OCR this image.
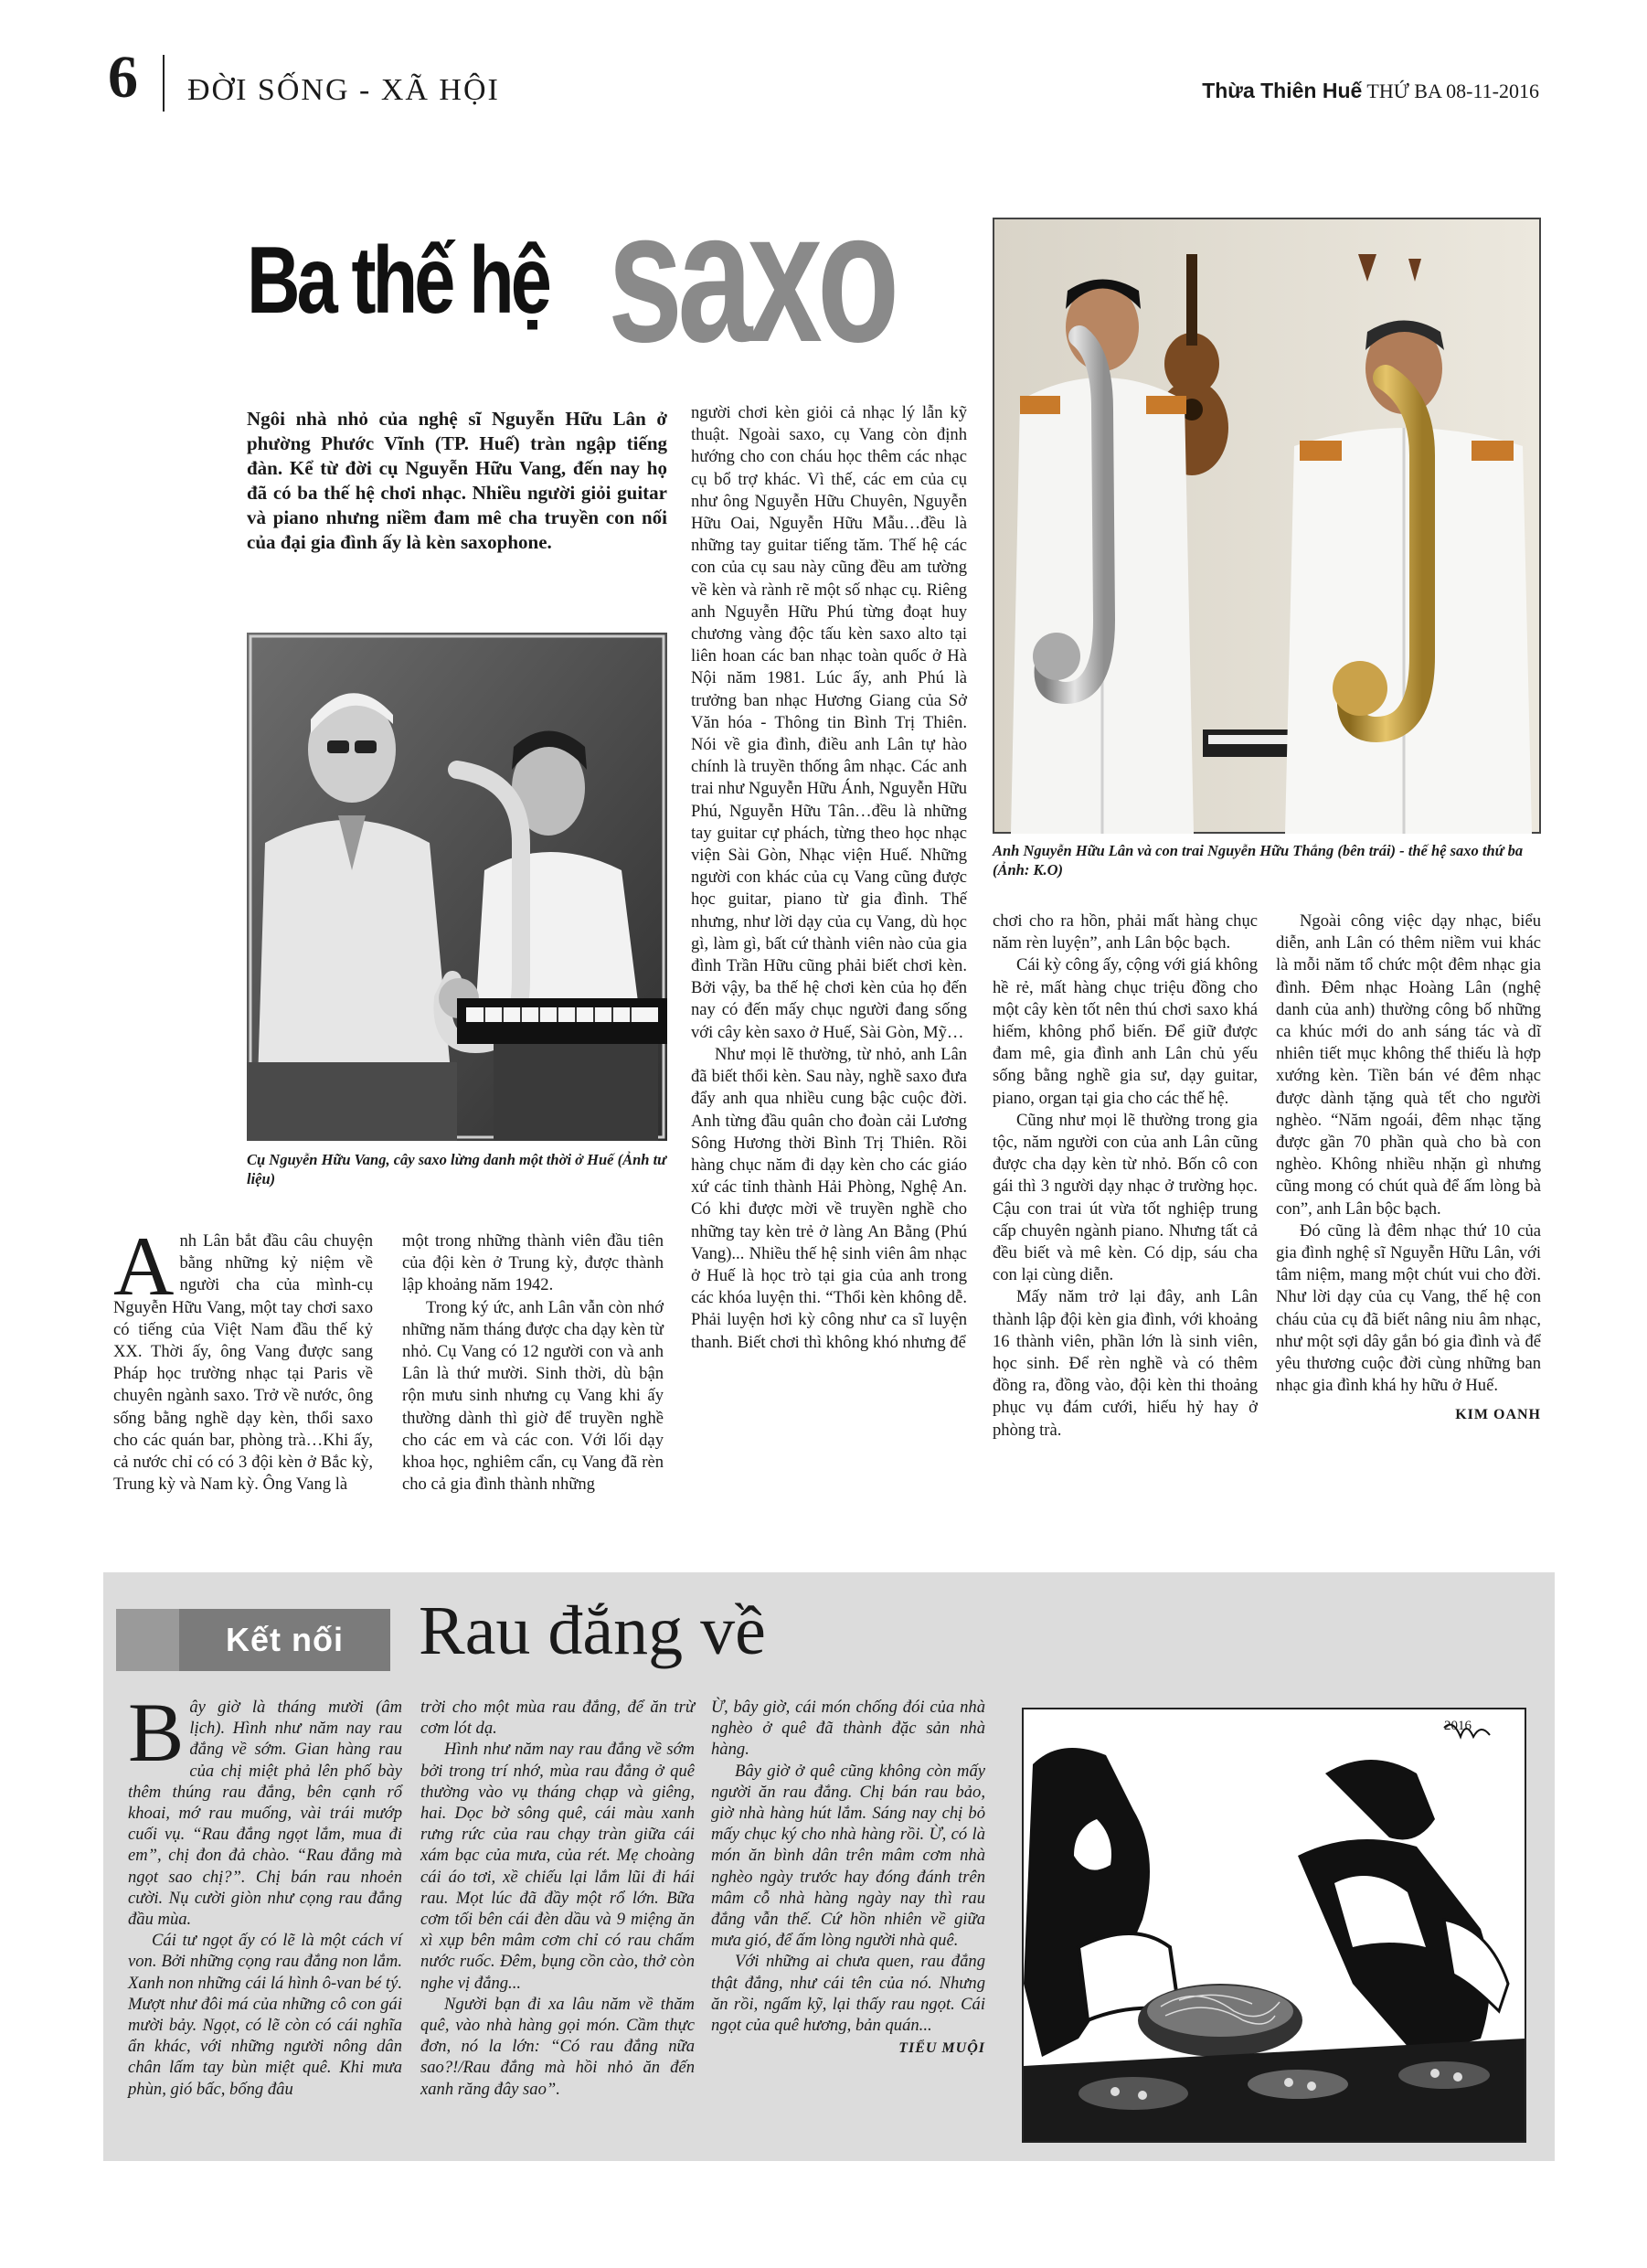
6 ĐỜI SỐNG - XÃ HỘI	Thừa Thiên Huế THỨ BA 08-11-2016
Ba thế hệ saxo
Ngôi nhà nhỏ của nghệ sĩ Nguyễn Hữu Lân ở phường Phước Vĩnh (TP. Huế) tràn ngập tiếng đàn. Kể từ đời cụ Nguyễn Hữu Vang, đến nay họ đã có ba thế hệ chơi nhạc. Nhiều người giỏi guitar và piano nhưng niềm đam mê cha truyền con nối của đại gia đình ấy là kèn saxophone.
Cụ Nguyễn Hữu Vang, cây saxo lừng danh một thời ở Huế (Ảnh tư liệu)
Anh Nguyễn Hữu Lân và con trai Nguyễn Hữu Thắng (bên trái) - thế hệ saxo thứ ba (Ảnh: K.O)

Anh Lân bắt đầu câu chuyện bằng những kỷ niệm về người cha của mình-cụ Nguyễn Hữu Vang, một tay chơi saxo có tiếng của Việt Nam đầu thế kỷ XX. Thời ấy, ông Vang được sang Pháp học trường nhạc tại Paris về chuyên ngành saxo. Trở về nước, ông sống bằng nghề dạy kèn, thổi saxo cho các quán bar, phòng trà…Khi ấy, cả nước chỉ có có 3 đội kèn ở Bắc kỳ, Trung kỳ và Nam kỳ. Ông Vang là

một trong những thành viên đầu tiên của đội kèn ở Trung kỳ, được thành lập khoảng năm 1942.

Trong ký ức, anh Lân vẫn còn nhớ những năm tháng được cha dạy kèn từ nhỏ. Cụ Vang có 12 người con và anh Lân là thứ mười. Sinh thời, dù bận rộn mưu sinh nhưng cụ Vang khi ấy thường dành thì giờ để truyền nghề cho các em và các con. Với lối dạy khoa học, nghiêm cẩn, cụ Vang đã rèn cho cả gia đình thành những

người chơi kèn giỏi cả nhạc lý lẫn kỹ thuật. Ngoài saxo, cụ Vang còn định hướng cho con cháu học thêm các nhạc cụ bổ trợ khác. Vì thế, các em của cụ như ông Nguyễn Hữu Chuyên, Nguyễn Hữu Oai, Nguyễn Hữu Mẫu…đều là những tay guitar tiếng tăm. Thế hệ các con của cụ sau này cũng đều am tường về kèn và rành rẽ một số nhạc cụ. Riêng anh Nguyễn Hữu Phú từng đoạt huy chương vàng độc tấu kèn saxo alto tại liên hoan các ban nhạc toàn quốc ở Hà Nội năm 1981. Lúc ấy, anh Phú là trưởng ban nhạc Hương Giang của Sở Văn hóa - Thông tin Bình Trị Thiên. Nói về gia đình, điều anh Lân tự hào chính là truyền thống âm nhạc. Các anh trai như Nguyễn Hữu Ánh, Nguyễn Hữu Phú, Nguyễn Hữu Tân…đều là những tay guitar cự phách, từng theo học nhạc viện Sài Gòn, Nhạc viện Huế. Những người con khác của cụ Vang cũng được học guitar, piano từ gia đình. Thế nhưng, như lời dạy của cụ Vang, dù học gì, làm gì, bất cứ thành viên nào của gia đình Trần Hữu cũng phải biết chơi kèn. Bởi vậy, ba thế hệ chơi kèn của họ đến nay có đến mấy chục người đang sống với cây kèn saxo ở Huế, Sài Gòn, Mỹ…

Như mọi lẽ thường, từ nhỏ, anh Lân đã biết thổi kèn. Sau này, nghề saxo đưa đẩy anh qua nhiều cung bậc cuộc đời. Anh từng đầu quân cho đoàn cải Lương Sông Hương thời Bình Trị Thiên. Rồi hàng chục năm đi dạy kèn cho các giáo xứ các tỉnh thành Hải Phòng, Nghệ An. Có khi được mời về truyền nghề cho những tay kèn trẻ ở làng An Bằng (Phú Vang)... Nhiều thế hệ sinh viên âm nhạc ở Huế là học trò tại gia của anh trong các khóa luyện thi. “Thổi kèn không dễ. Phải luyện hơi kỳ công như ca sĩ luyện thanh. Biết chơi thì không khó nhưng để

chơi cho ra hồn, phải mất hàng chục năm rèn luyện”, anh Lân bộc bạch.

Cái kỳ công ấy, cộng với giá không hề rẻ, mất hàng chục triệu đồng cho một cây kèn tốt nên thú chơi saxo khá hiếm, không phổ biến. Để giữ được đam mê, gia đình anh Lân chủ yếu sống bằng nghề gia sư, dạy guitar, piano, organ tại gia cho các thế hệ.

Cũng như mọi lẽ thường trong gia tộc, năm người con của anh Lân cũng được cha dạy kèn từ nhỏ. Bốn cô con gái thì 3 người dạy nhạc ở trường học. Cậu con trai út vừa tốt nghiệp trung cấp chuyên ngành piano. Nhưng tất cả đều biết và mê kèn. Có dịp, sáu cha con lại cùng diễn.

Mấy năm trở lại đây, anh Lân thành lập đội kèn gia đình, với khoảng 16 thành viên, phần lớn là sinh viên, học sinh. Để rèn nghề và có thêm đồng ra, đồng vào, đội kèn thi thoảng phục vụ đám cưới, hiếu hỷ hay ở phòng trà.

Ngoài công việc dạy nhạc, biểu diễn, anh Lân có thêm niềm vui khác là mỗi năm tổ chức một đêm nhạc gia đình. Đêm nhạc Hoàng Lân (nghệ danh của anh) thường công bố những ca khúc mới do anh sáng tác và dĩ nhiên tiết mục không thể thiếu là hợp xướng kèn. Tiền bán vé đêm nhạc được dành tặng quà tết cho người nghèo. “Năm ngoái, đêm nhạc tặng được gần 70 phần quà cho bà con nghèo. Không nhiều nhặn gì nhưng cũng mong có chút quà để ấm lòng bà con”, anh Lân bộc bạch.

Đó cũng là đêm nhạc thứ 10 của gia đình nghệ sĩ Nguyễn Hữu Lân, với tâm niệm, mang một chút vui cho đời. Như lời dạy của cụ Vang, thế hệ con cháu của cụ đã biết nâng niu âm nhạc, như một sợi dây gắn bó gia đình và để yêu thương cuộc đời cùng những ban nhạc gia đình khá hy hữu ở Huế.

KIM OANH
Kết nối	Rau đắng về

Bây giờ là tháng mười (âm lịch). Hình như năm nay rau đắng về sớm. Gian hàng rau của chị miệt phả lên phố bày thêm thúng rau đắng, bên cạnh rổ khoai, mớ rau muống, vài trái mướp cuối vụ. “Rau đắng ngọt lắm, mua đi em”, chị đon đả chào. “Rau đắng mà ngọt sao chị?”. Chị bán rau nhoẻn cười. Nụ cười giòn như cọng rau đắng đầu mùa.

Cái tư ngọt ấy có lẽ là một cách ví von. Bởi những cọng rau đắng non lắm. Xanh non những cái lá hình ô-van bé tý. Mượt như đôi má của những cô con gái mười bảy. Ngọt, có lẽ còn có cái nghĩa ẩn khác, với những người nông dân chân lấm tay bùn miệt quê. Khi mưa phùn, gió bấc, bống đâu

trời cho một mùa rau đắng, để ăn trừ cơm lót dạ.

Hình như năm nay rau đắng về sớm bởi trong trí nhớ, mùa rau đắng ở quê thường vào vụ tháng chạp và giêng, hai. Dọc bờ sông quê, cái màu xanh rưng rức của rau chạy tràn giữa cái xám bạc của mưa, của rét. Mẹ choàng cái áo tơi, xề chiếu lại lắm lũi đi hái rau. Mọt lúc đã đầy một rổ lớn. Bữa cơm tối bên cái đèn dầu và 9 miệng ăn xì xụp bên mâm cơm chỉ có rau chấm nước ruốc. Đêm, bụng cồn cào, thở còn nghe vị đắng...

Người bạn đi xa lâu năm về thăm quê, vào nhà hàng gọi món. Cầm thực đơn, nó la lớn: “Có rau đắng nữa sao?!/Rau đắng mà hồi nhỏ ăn đến xanh răng đây sao”.

Ừ, bây giờ, cái món chống đói của nhà nghèo ở quê đã thành đặc sản nhà hàng.

Bây giờ ở quê cũng không còn mấy người ăn rau đắng. Chị bán rau bảo, giờ nhà hàng hút lắm. Sáng nay chị bỏ mấy chục ký cho nhà hàng rồi. Ừ, có là món ăn bình dân trên mâm cơm nhà nghèo ngày trước hay đóng đánh trên mâm cỗ nhà hàng ngày nay thì rau đắng vẫn thế. Cứ hồn nhiên về giữa mưa gió, để ấm lòng người nhà quê.

Với những ai chưa quen, rau đắng thật đắng, như cái tên của nó. Nhưng ăn rồi, ngấm kỹ, lại thấy rau ngọt. Cái ngọt của quê hương, bản quán...

TIỂU MUỘI
2016
